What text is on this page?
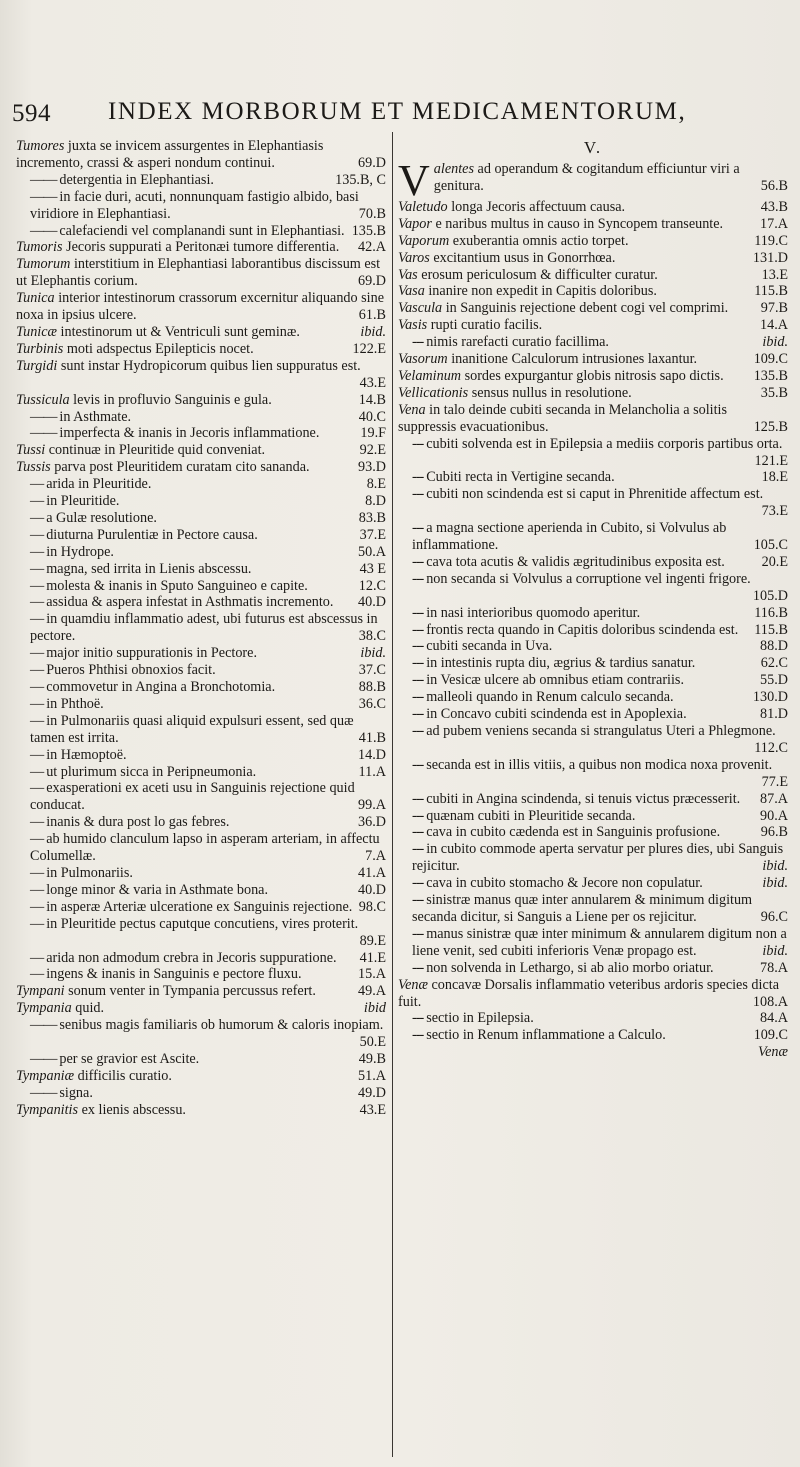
594 INDEX MORBORUM ET MEDICAMENTORUM,
Tumores juxta se invicem assurgentes in Elephantiasis incremento, crassi & asperi nondum continui.	69.D
—— detergentia in Elephantiasi.	135.B, C
—— in facie duri, acuti, nonnunquam fastigio albido, basi viridiore in Elephantiasi.	70.B
—— calefaciendi vel complanandi sunt in Elephantiasi. 135.B
Tumoris Jecoris suppurati a Peritonæi tumore differentia. 42.A
Tumorum interstitium in Elephantiasi laborantibus discissum est ut Elephantis corium.	69.D
Tunica interior intestinorum crassorum excernitur aliquando sine noxa in ipsius ulcere.	61.B
Tunicæ intestinorum ut & Ventriculi sunt geminæ.	ibid.
Turbinis moti adspectus Epilepticis nocet.	122.E
Turgidi sunt instar Hydropicorum quibus lien suppuratus est.
43.E
Tussicula levis in profluvio Sanguinis e gula.	14.B
—— in Asthmate.	40.C
—— imperfecta & inanis in Jecoris inflammatione.	19.F
Tussi continuæ in Pleuritide quid conveniat.	92.E
Tussis parva post Pleuritidem curatam cito sananda.	93.D
— arida in Pleuritide.	8.E
— in Pleuritide.	8.D
— a Gulæ resolutione.	83.B
— diuturna Purulentiæ in Pectore causa.	37.E
— in Hydrope.	50.A
— magna, sed irrita in Lienis abscessu.	43 E
— molesta & inanis in Sputo Sanguineo e capite.	12.C
— assidua & aspera infestat in Asthmatis incremento. 40.D
— in quamdiu inflammatio adest, ubi futurus est abscessus in pectore.	38.C
— major initio suppurationis in Pectore.	ibid.
— Pueros Phthisi obnoxios facit.	37.C
— commovetur in Angina a Bronchotomia.	88.B
— in Phthoë.	36.C
— in Pulmonariis quasi aliquid expulsuri essent, sed quæ tamen est irrita.	41.B
— in Hæmoptoë.	14.D
— ut plurimum sicca in Peripneumonia.	11.A
— exasperationi ex aceti usu in Sanguinis rejectione quid conducat.	99.A
— inanis & dura post lo gas febres.	36.D
— ab humido clanculum lapso in asperam arteriam, in affectu Columellæ.	7.A
— in Pulmonariis.	41.A
— longe minor & varia in Asthmate bona.	40.D
— in asperæ Arteriæ ulceratione ex Sanguinis rejectione. 98.C
— in Pleuritide pectus caputque concutiens, vires proterit.
89.E
— arida non admodum crebra in Jecoris suppuratione. 41.E
— ingens & inanis in Sanguinis e pectore fluxu.	15.A
Tympani sonum venter in Tympania percussus refert.	49.A
Tympania quid.	ibid
—— senibus magis familiaris ob humorum & caloris inopiam.
50.E
—— per se gravior est Ascite.	49.B
Tympaniæ difficilis curatio.	51.A
—— signa.	49.D
Tympanitis ex lienis abscessu.	43.E
V.
V alentes ad operandum & cogitandum efficiuntur viri a genitura.	56.B
Valetudo longa Jecoris affectuum causa.	43.B
Vapor e naribus multus in causo in Syncopem transeunte.	17.A
Vaporum exuberantia omnis actio torpet.	119.C
Varos excitantium usus in Gonorrhœa.	131.D
Vas erosum periculosum & difficulter curatur.	13.E
Vasa inanire non expedit in Capitis doloribus.	115.B
Vascula in Sanguinis rejectione debent cogi vel comprimi. 97.B
Vasis rupti curatio facilis.	14.A
--- nimis rarefacti curatio facillima.	ibid.
Vasorum inanitione Calculorum intrusiones laxantur.	109.C
Velaminum sordes expurgantur globis nitrosis sapo dictis. 135.B
Vellicationis sensus nullus in resolutione.	35.B
Vena in talo deinde cubiti secanda in Melancholia a solitis suppressis evacuationibus.	125.B
--- cubiti solvenda est in Epilepsia a mediis corporis partibus orta.
121.E
--- Cubiti recta in Vertigine secanda.	18.E
--- cubiti non scindenda est si caput in Phrenitide affectum est.
73.E
--- a magna sectione aperienda in Cubito, si Volvulus ab inflammatione.	105.C
--- cava tota acutis & validis ægritudinibus exposita est.	20.E
--- non secanda si Volvulus a corruptione vel ingenti frigore.
105.D
--- in nasi interioribus quomodo aperitur.	116.B
--- frontis recta quando in Capitis doloribus scindenda est. 115.B
--- cubiti secanda in Uva.	88.D
--- in intestinis rupta diu, ægrius & tardius sanatur.	62.C
--- in Vesicæ ulcere ab omnibus etiam contrariis.	55.D
--- malleoli quando in Renum calculo secanda.	130.D
--- in Concavo cubiti scindenda est in Apoplexia.	81.D
--- ad pubem veniens secanda si strangulatus Uteri a Phlegmone.
112.C
--- secanda est in illis vitiis, a quibus non modica noxa provenit.
77.E
--- cubiti in Angina scindenda, si tenuis victus præcesserit. 87.A
--- quænam cubiti in Pleuritide secanda.	90.A
--- cava in cubito cædenda est in Sanguinis profusione.	96.B
--- in cubito commode aperta servatur per plures dies, ubi Sanguis rejicitur.	ibid.
--- cava in cubito stomacho & Jecore non copulatur.	ibid.
--- sinistræ manus quæ inter annularem & minimum digitum secanda dicitur, si Sanguis a Liene per os rejicitur.	96.C
--- manus sinistræ quæ inter minimum & annularem digitum non a liene venit, sed cubiti inferioris Venæ propago est.	ibid.
--- non solvenda in Lethargo, si ab alio morbo oriatur.	78.A
Venæ concavæ Dorsalis inflammatio veteribus ardoris species dicta fuit.	108.A
--- sectio in Epilepsia.	84.A
--- sectio in Renum inflammatione a Calculo.	109.C
Venæ
